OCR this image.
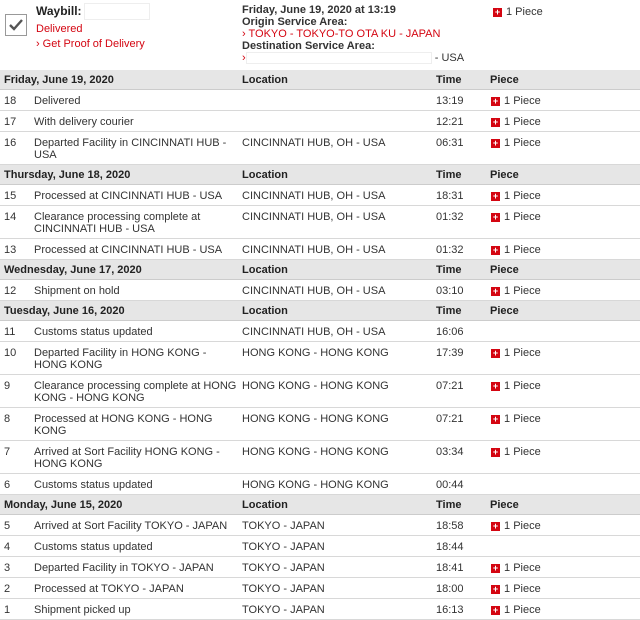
Waybill:
Delivered
› Get Proof of Delivery
Friday, June 19, 2020 at 13:19
Origin Service Area:
› TOKYO - TOKYO-TO OTA KU - JAPAN
Destination Service Area:
›	- USA
+ 1 Piece
Friday, June 19, 2020		Location	Time	Piece
18	Delivered		13:19	+ 1 Piece
17	With delivery courier		12:21	+ 1 Piece
16	Departed Facility in CINCINNATI HUB - USA	CINCINNATI HUB, OH - USA	06:31	+ 1 Piece
Thursday, June 18, 2020		Location	Time	Piece
15	Processed at CINCINNATI HUB - USA	CINCINNATI HUB, OH - USA	18:31	+ 1 Piece
14	Clearance processing complete at CINCINNATI HUB - USA	CINCINNATI HUB, OH - USA	01:32	+ 1 Piece
13	Processed at CINCINNATI HUB - USA	CINCINNATI HUB, OH - USA	01:32	+ 1 Piece
Wednesday, June 17, 2020		Location	Time	Piece
12	Shipment on hold	CINCINNATI HUB, OH - USA	03:10	+ 1 Piece
Tuesday, June 16, 2020		Location	Time	Piece
11	Customs status updated	CINCINNATI HUB, OH - USA	16:06	
10	Departed Facility in HONG KONG - HONG KONG	HONG KONG - HONG KONG	17:39	+ 1 Piece
9	Clearance processing complete at HONG KONG - HONG KONG	HONG KONG - HONG KONG	07:21	+ 1 Piece
8	Processed at HONG KONG - HONG KONG	HONG KONG - HONG KONG	07:21	+ 1 Piece
7	Arrived at Sort Facility HONG KONG - HONG KONG	HONG KONG - HONG KONG	03:34	+ 1 Piece
6	Customs status updated	HONG KONG - HONG KONG	00:44	
Monday, June 15, 2020		Location	Time	Piece
5	Arrived at Sort Facility TOKYO - JAPAN	TOKYO - JAPAN	18:58	+ 1 Piece
4	Customs status updated	TOKYO - JAPAN	18:44	
3	Departed Facility in TOKYO - JAPAN	TOKYO - JAPAN	18:41	+ 1 Piece
2	Processed at TOKYO - JAPAN	TOKYO - JAPAN	18:00	+ 1 Piece
1	Shipment picked up	TOKYO - JAPAN	16:13	+ 1 Piece
